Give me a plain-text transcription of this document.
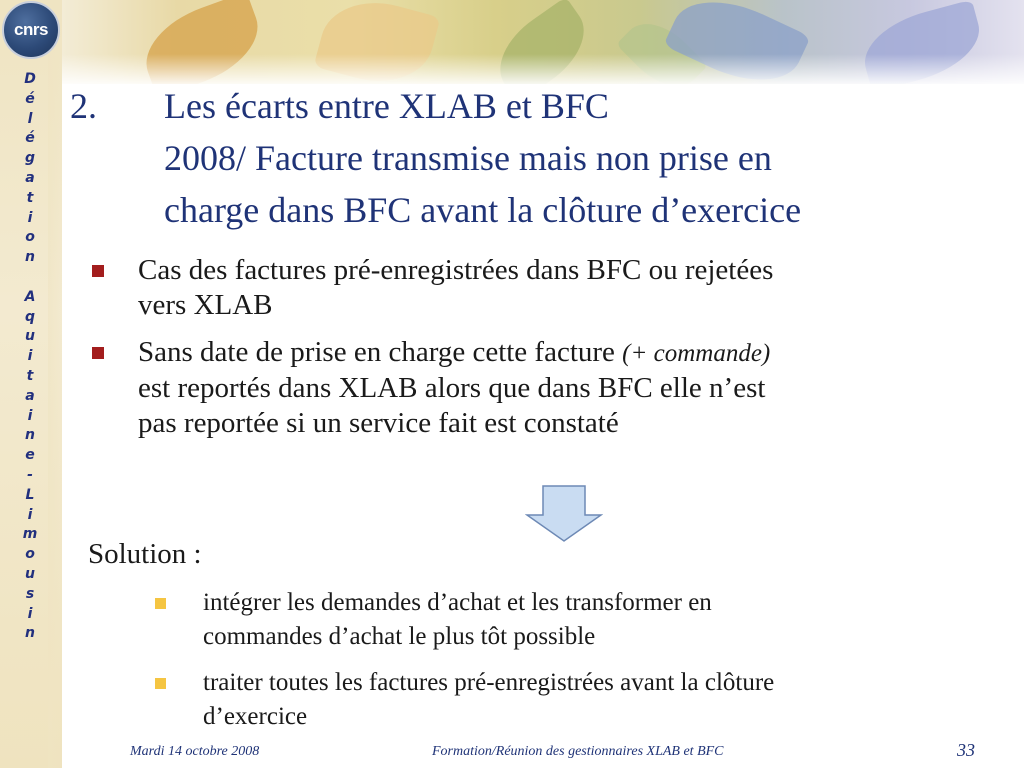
D
é
l
é
g
a
t
i
o
n

A
q
u
i
t
a
i
n
e
-
L
i
m
o
u
s
i
n
cnrs
2. Les écarts entre XLAB et BFC
2008/ Facture transmise mais non prise en
charge dans BFC avant la clôture d’exercice
Cas des factures pré-enregistrées dans BFC ou rejetées
vers XLAB
Sans date de prise en charge cette facture (+ commande)
est reportés dans XLAB alors que dans BFC elle n’est
pas reportée si un service fait est constaté
Solution :
intégrer les demandes d’achat et les transformer en
commandes d’achat le plus tôt possible
traiter toutes les factures pré-enregistrées avant la clôture
d’exercice
Mardi 14 octobre 2008	Formation/Réunion des gestionnaires XLAB et BFC	33
